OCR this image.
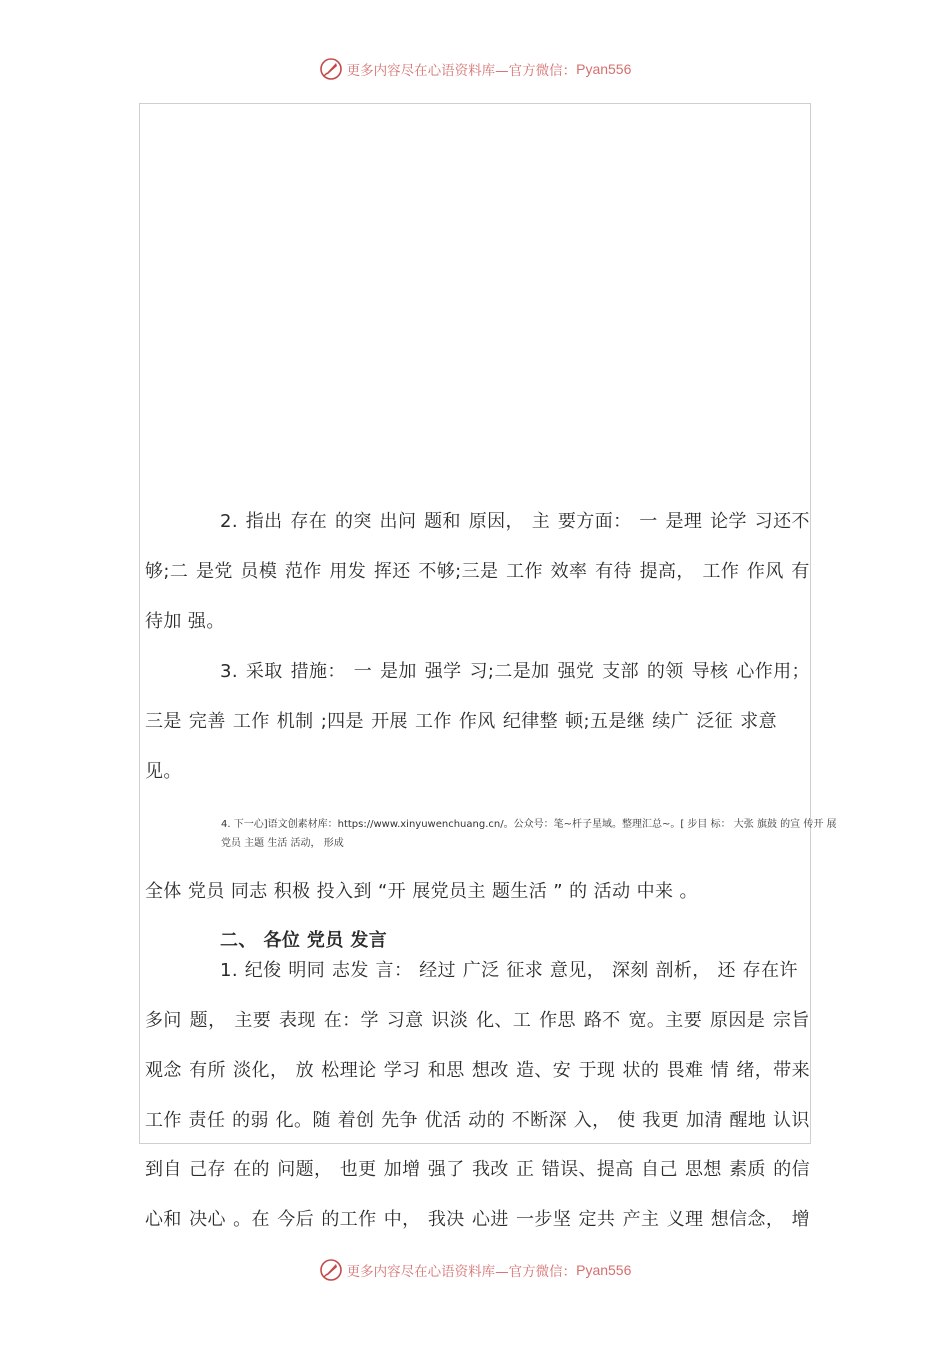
更多内容尽在心语资料库—官方微信： Pyan556
2. 指出 存在 的突 出问 题和 原因， 主 要方面： 一 是理 论学 习还不
够;二 是党 员模 范作 用发 挥还 不够;三是 工作 效率 有待 提高， 工作 作风 有
待加 强。
3. 采取 措施： 一 是加 强学 习;二是加 强党 支部 的领 导核 心作用；
三是 完善 工作 机制 ;四是 开展 工作 作风 纪律整 顿;五是继 续广 泛征 求意
见。
4. 下一心]语文创素材库：https://www.xinyuwenchuang.cn/。公众号：笔~杆子星域。整理汇总~。[ 步目 标： 大张 旗鼓 的宣 传开 展
党员 主题 生活 活动， 形成
全体 党员 同志 积极 投入到 “开 展党员主 题生活 ” 的 活动 中来 。
二、 各位 党员 发言
1. 纪俊 明同 志发 言： 经过 广泛 征求 意见， 深刻 剖析， 还 存在许
多问 题， 主要 表现 在：学 习意 识淡 化、工 作思 路不 宽。主要 原因是 宗旨
观念 有所 淡化， 放 松理论 学习 和思 想改 造、安 于现 状的 畏难 情 绪，带来
工作 责任 的弱 化。随 着创 先争 优活 动的 不断深 入， 使 我更 加清 醒地 认识
到自 己存 在的 问题， 也更 加增 强了 我改 正 错误、提高 自己 思想 素质 的信
心和 决心 。在 今后 的工作 中， 我决 心进 一步坚 定共 产主 义理 想信念， 增
更多内容尽在心语资料库—官方微信： Pyan556
